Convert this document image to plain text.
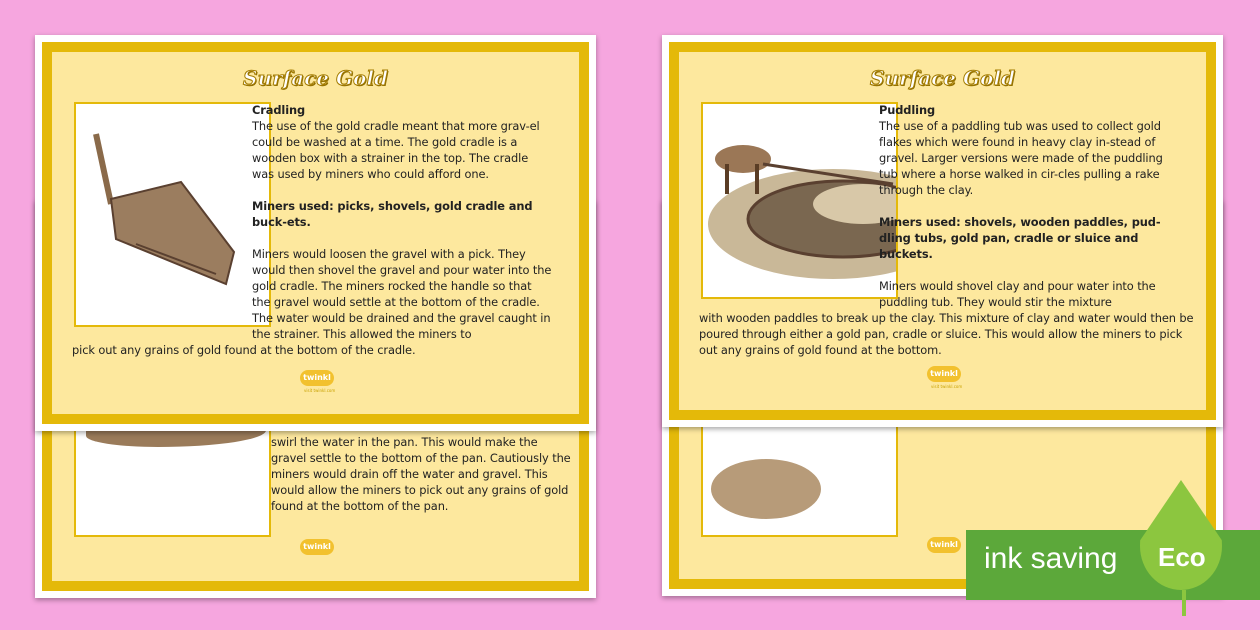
swirl the water in the pan. This would make the gravel settle to the bottom of the pan. Cautiously the miners would drain off the water and gravel. This would allow the miners to pick out any grains of gold found at the bottom of the pan.
twinkl
Surface Gold
Cradling
The use of the gold cradle meant that more grav-el could be washed at a time. The gold cradle is a wooden box with a strainer in the top. The cradle was used by miners who could afford one.

Miners used: picks, shovels, gold cradle and buck-ets.

Miners would loosen the gravel with a pick. They would then shovel the gravel and pour water into the gold cradle. The miners rocked the handle so that the gravel would settle at the bottom of the cradle. The water would be drained and the gravel caught in the strainer. This allowed the miners to
pick out any grains of gold found at the bottom of the cradle.
twinkl
visit twinkl.com
twinkl
Surface Gold
Puddling
The use of a paddling tub was used to collect gold flakes which were found in heavy clay in-stead of gravel. Larger versions were made of the puddling tub where a horse walked in cir-cles pulling a rake through the clay.

Miners used: shovels, wooden paddles, pud-dling tubs, gold pan, cradle or sluice and buckets.

Miners would shovel clay and pour water into the puddling tub. They would stir the mixture
with wooden paddles to break up the clay. This mixture of clay and water would then be poured through either a gold pan, cradle or sluice. This would allow the miners to pick out any grains of gold found at the bottom.
twinkl
visit twinkl.com
ink saving Eco
